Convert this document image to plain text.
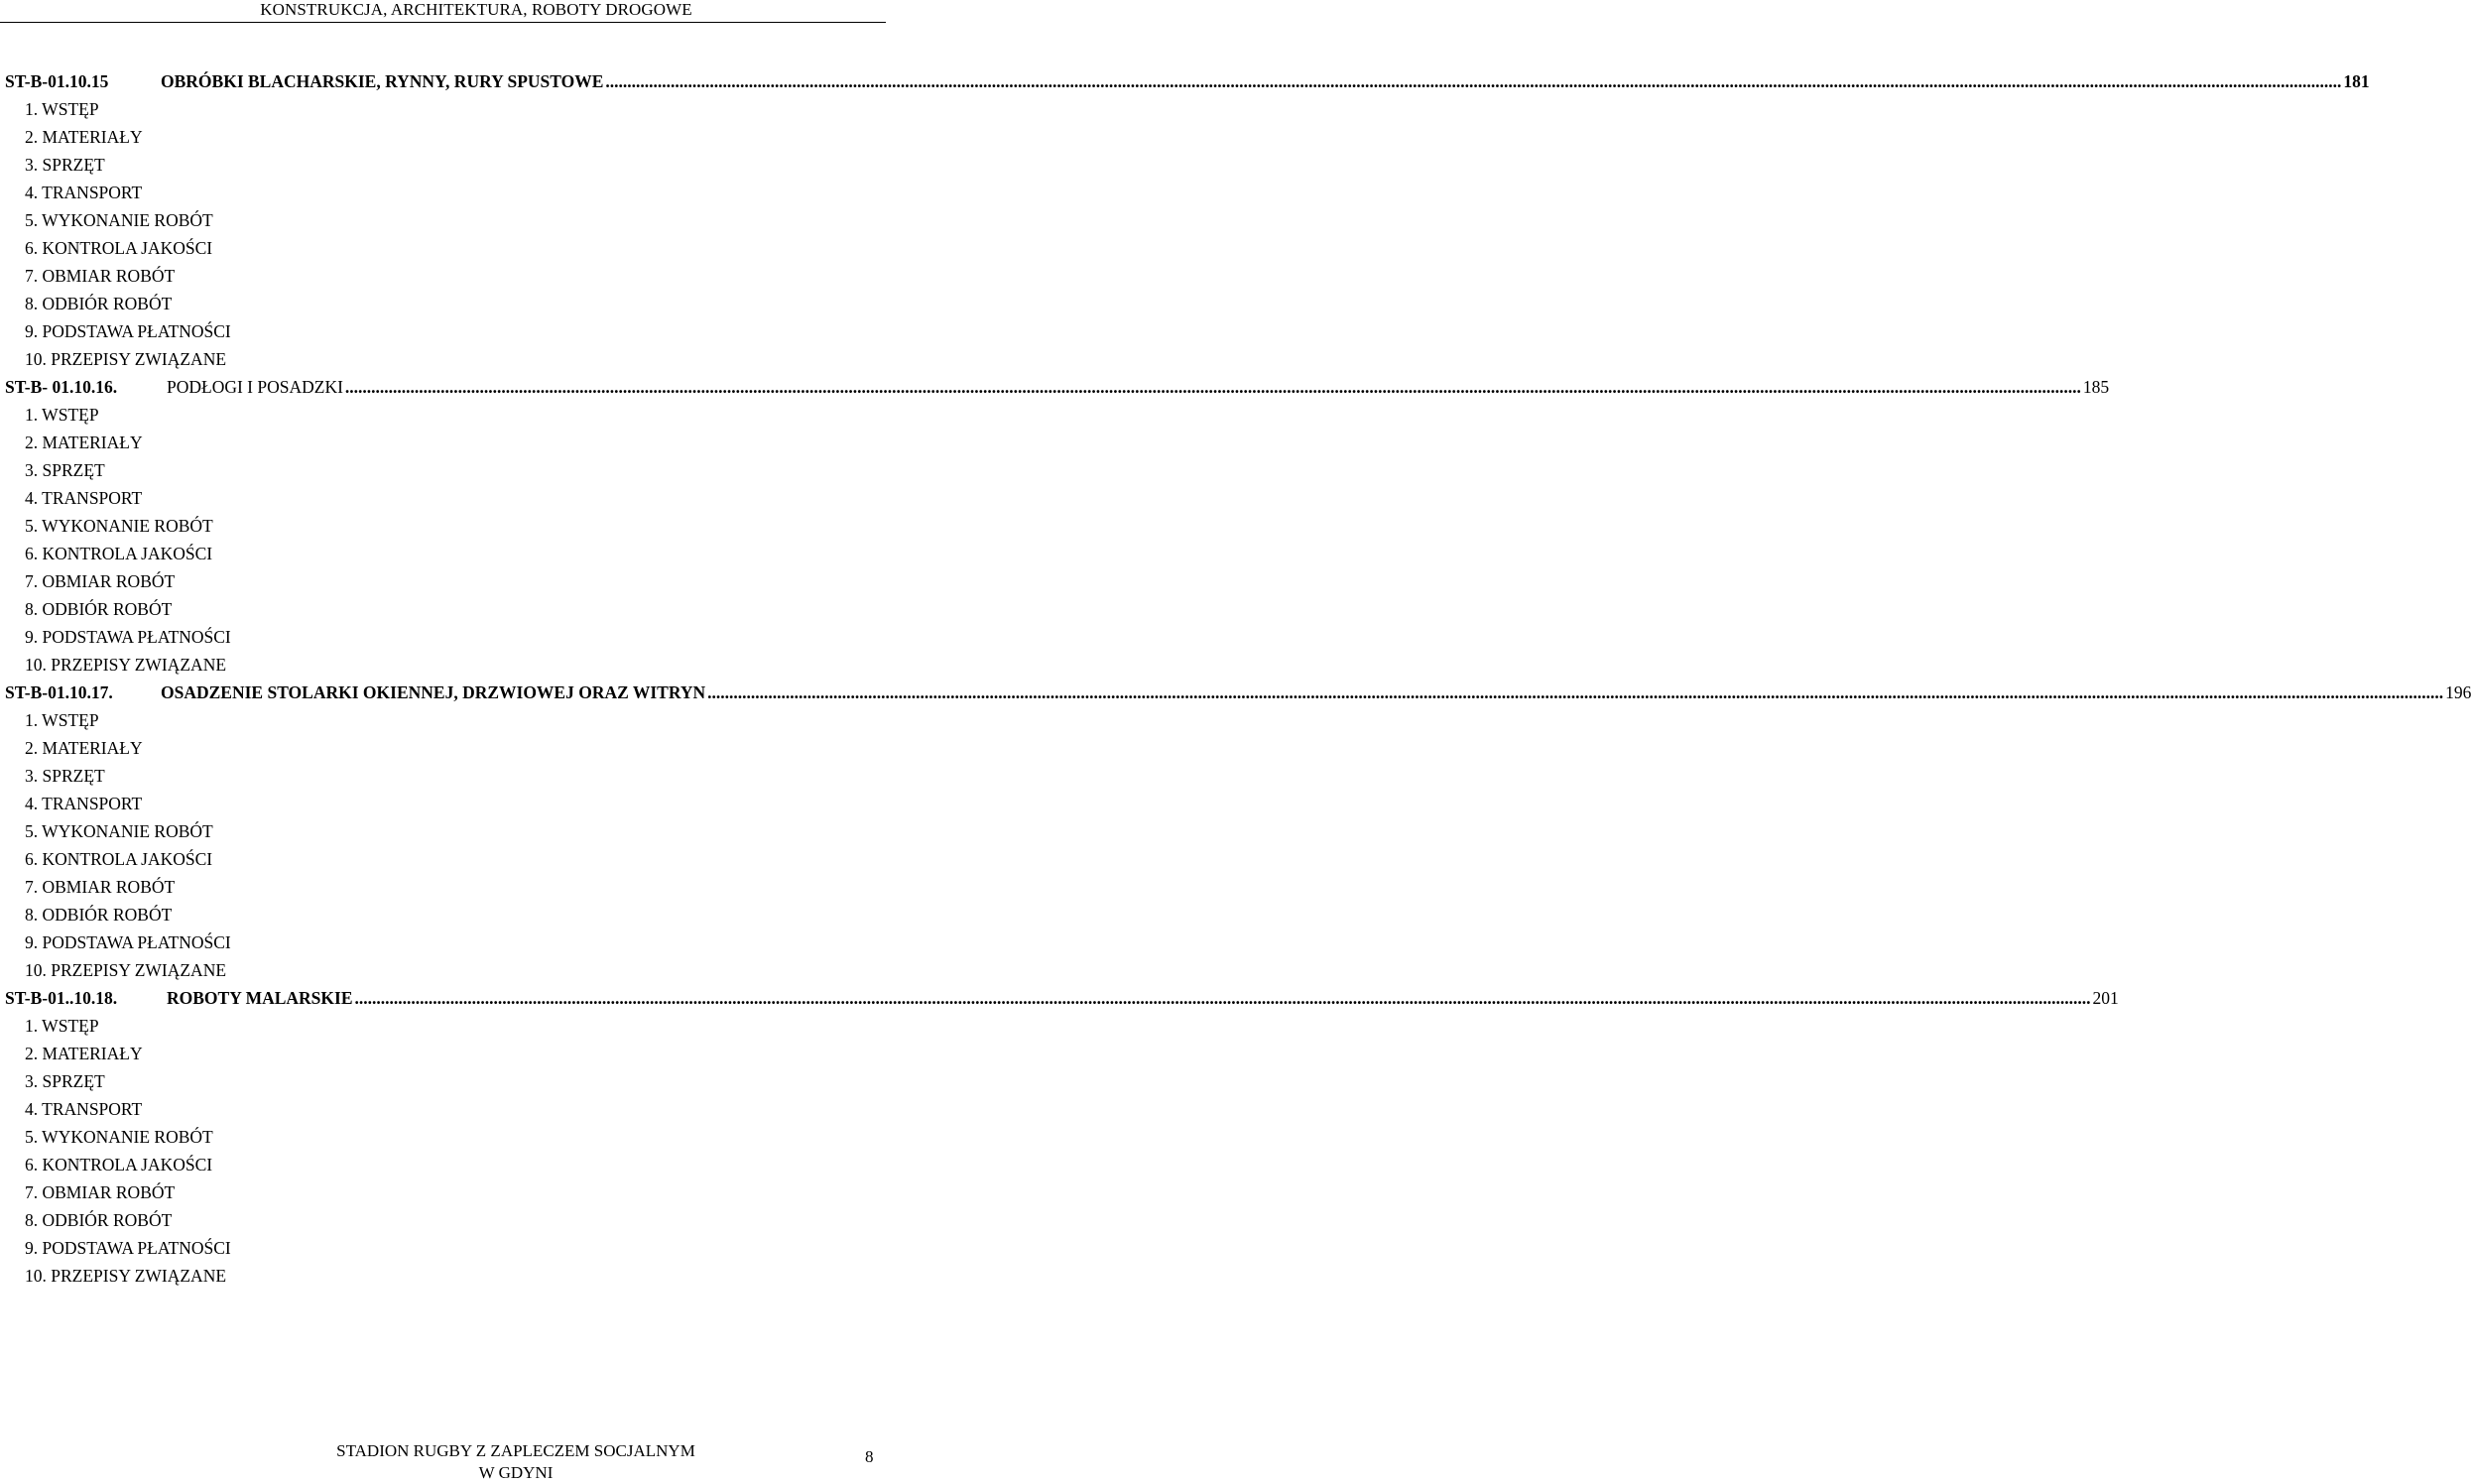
KONSTRUKCJA, ARCHITEKTURA, ROBOTY DROGOWE
ST-B-01.10.15	OBRÓBKI BLACHARSKIE, RYNNY, RURY SPUSTOWE ................................................................................................................................................................................................................................................................................................................................................................................................................ 181
1. WSTĘP
2. MATERIAŁY
3. SPRZĘT
4. TRANSPORT
5. WYKONANIE ROBÓT
6. KONTROLA JAKOŚCI
7. OBMIAR ROBÓT
8. ODBIÓR ROBÓT
9. PODSTAWA PŁATNOŚCI
10. PRZEPISY ZWIĄZANE
ST-B- 01.10.16.	PODŁOGI I POSADZKI ................................................................................................................................................................................................................................................................................................................................................................................................................ 185
1. WSTĘP
2. MATERIAŁY
3. SPRZĘT
4. TRANSPORT
5. WYKONANIE ROBÓT
6. KONTROLA JAKOŚCI
7. OBMIAR ROBÓT
8. ODBIÓR ROBÓT
9. PODSTAWA PŁATNOŚCI
10. PRZEPISY ZWIĄZANE
ST-B-01.10.17.	OSADZENIE STOLARKI OKIENNEJ, DRZWIOWEJ ORAZ WITRYN ................................................................................................................................................................................................................................................................................................................................................................................................................ 196
1. WSTĘP
2. MATERIAŁY
3. SPRZĘT
4. TRANSPORT
5. WYKONANIE ROBÓT
6. KONTROLA JAKOŚCI
7. OBMIAR ROBÓT
8. ODBIÓR ROBÓT
9. PODSTAWA PŁATNOŚCI
10. PRZEPISY ZWIĄZANE
ST-B-01..10.18.	ROBOTY MALARSKIE ................................................................................................................................................................................................................................................................................................................................................................................................................ 201
1. WSTĘP
2. MATERIAŁY
3. SPRZĘT
4. TRANSPORT
5. WYKONANIE ROBÓT
6. KONTROLA JAKOŚCI
7. OBMIAR ROBÓT
8. ODBIÓR ROBÓT
9. PODSTAWA PŁATNOŚCI
10. PRZEPISY ZWIĄZANE
STADION RUGBY Z ZAPLECZEM SOCJALNYM
W GDYNI
8
